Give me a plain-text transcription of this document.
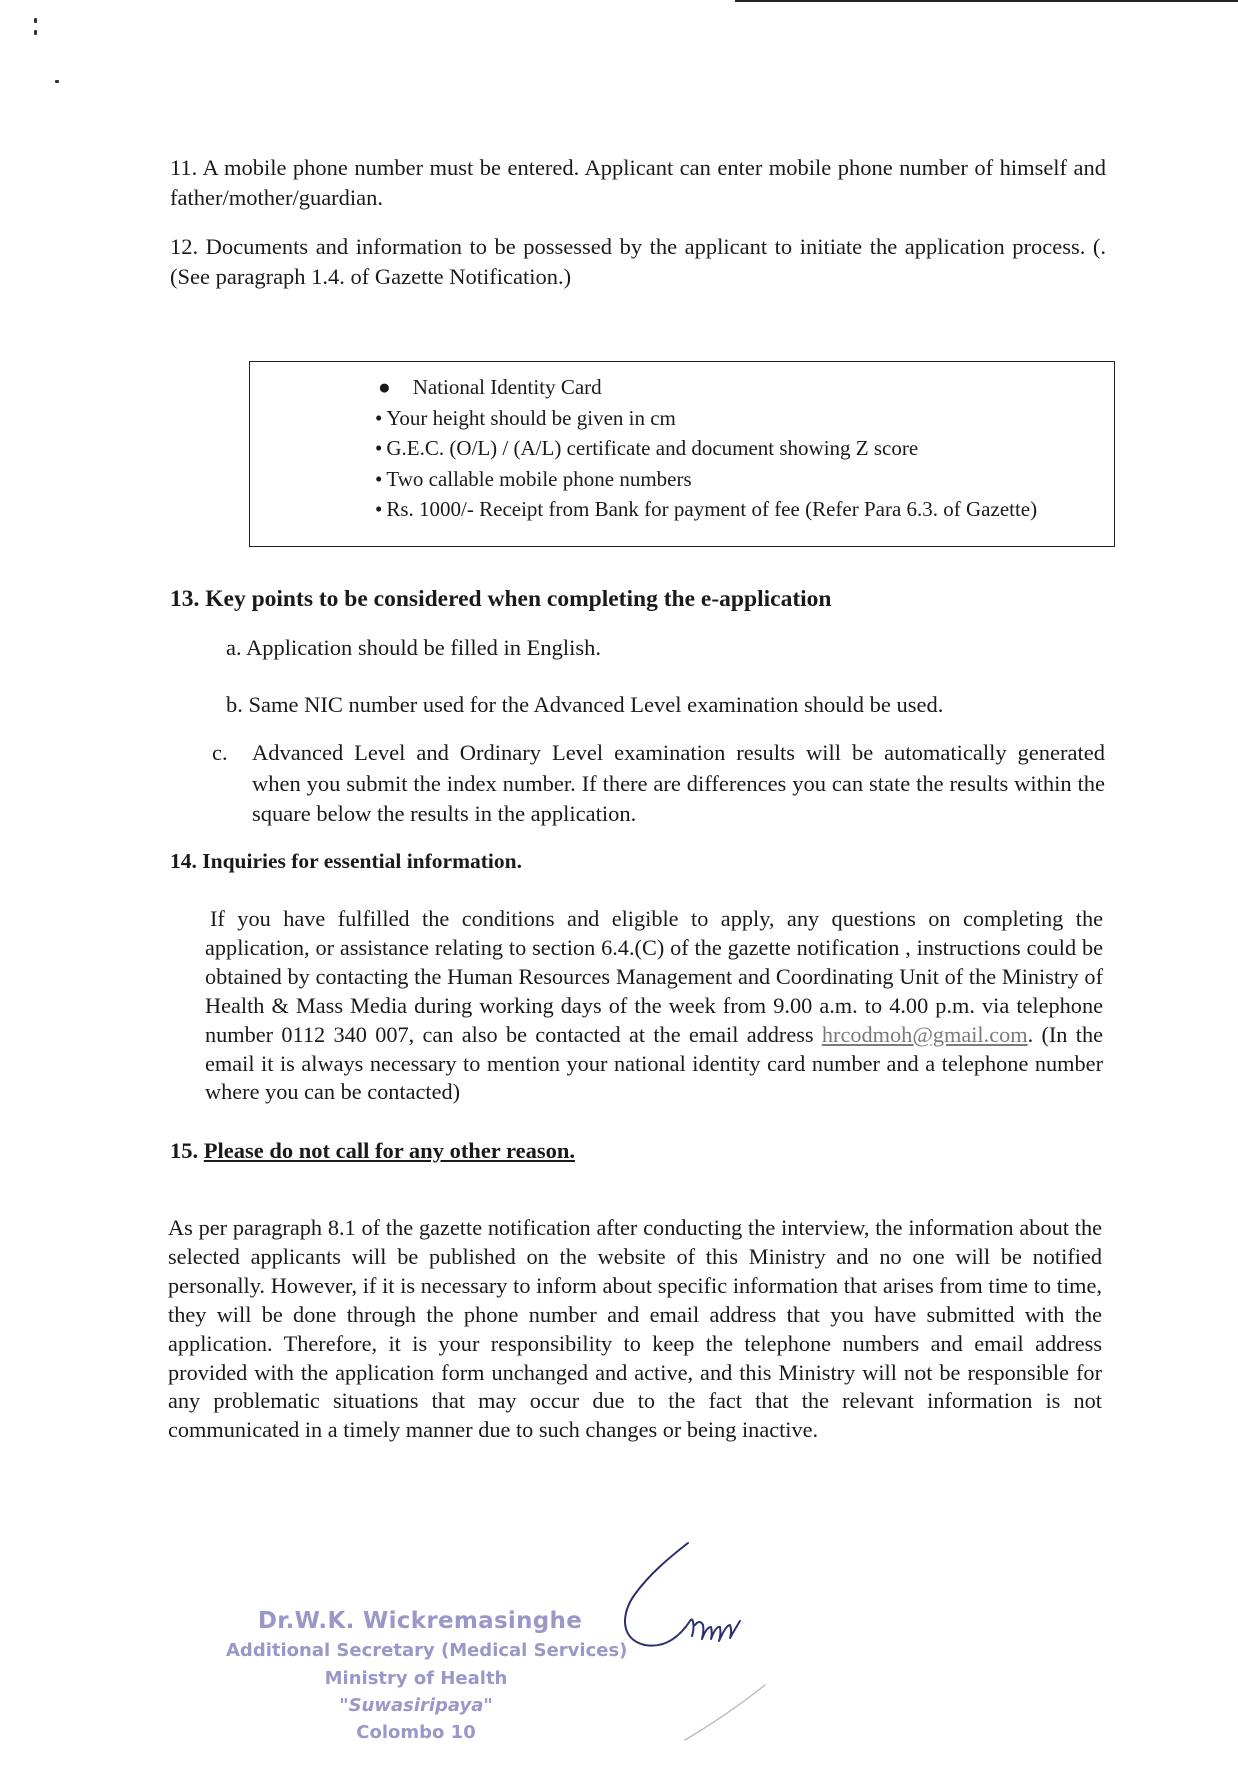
11. A mobile phone number must be entered. Applicant can enter mobile phone number of himself and father/mother/guardian.

12. Documents and information to be possessed by the applicant to initiate the application process. (. (See paragraph 1.4. of Gazette Notification.)

● National Identity Card
• Your height should be given in cm
• G.E.C. (O/L) / (A/L) certificate and document showing Z score
• Two callable mobile phone numbers
• Rs. 1000/- Receipt from Bank for payment of fee (Refer Para 6.3. of Gazette)

13. Key points to be considered when completing the e-application

a. Application should be filled in English.

b. Same NIC number used for the Advanced Level examination should be used.

c. Advanced Level and Ordinary Level examination results will be automatically generated when you submit the index number. If there are differences you can state the results within the square below the results in the application.

14. Inquiries for essential information.

If you have fulfilled the conditions and eligible to apply, any questions on completing the application, or assistance relating to section 6.4.(C) of the gazette notification , instructions could be obtained by contacting the Human Resources Management and Coordinating Unit of the Ministry of Health & Mass Media during working days of the week from 9.00 a.m. to 4.00 p.m. via telephone number 0112 340 007, can also be contacted at the email address hrcodmoh@gmail.com. (In the email it is always necessary to mention your national identity card number and a telephone number where you can be contacted)

15. Please do not call for any other reason.

As per paragraph 8.1 of the gazette notification after conducting the interview, the information about the selected applicants will be published on the website of this Ministry and no one will be notified personally. However, if it is necessary to inform about specific information that arises from time to time, they will be done through the phone number and email address that you have submitted with the application. Therefore, it is your responsibility to keep the telephone numbers and email address provided with the application form unchanged and active, and this Ministry will not be responsible for any problematic situations that may occur due to the fact that the relevant information is not communicated in a timely manner due to such changes or being inactive.

Dr.W.K. Wickremasinghe
Additional Secretary (Medical Services)
Ministry of Health
"Suwasiripaya"
Colombo 10
